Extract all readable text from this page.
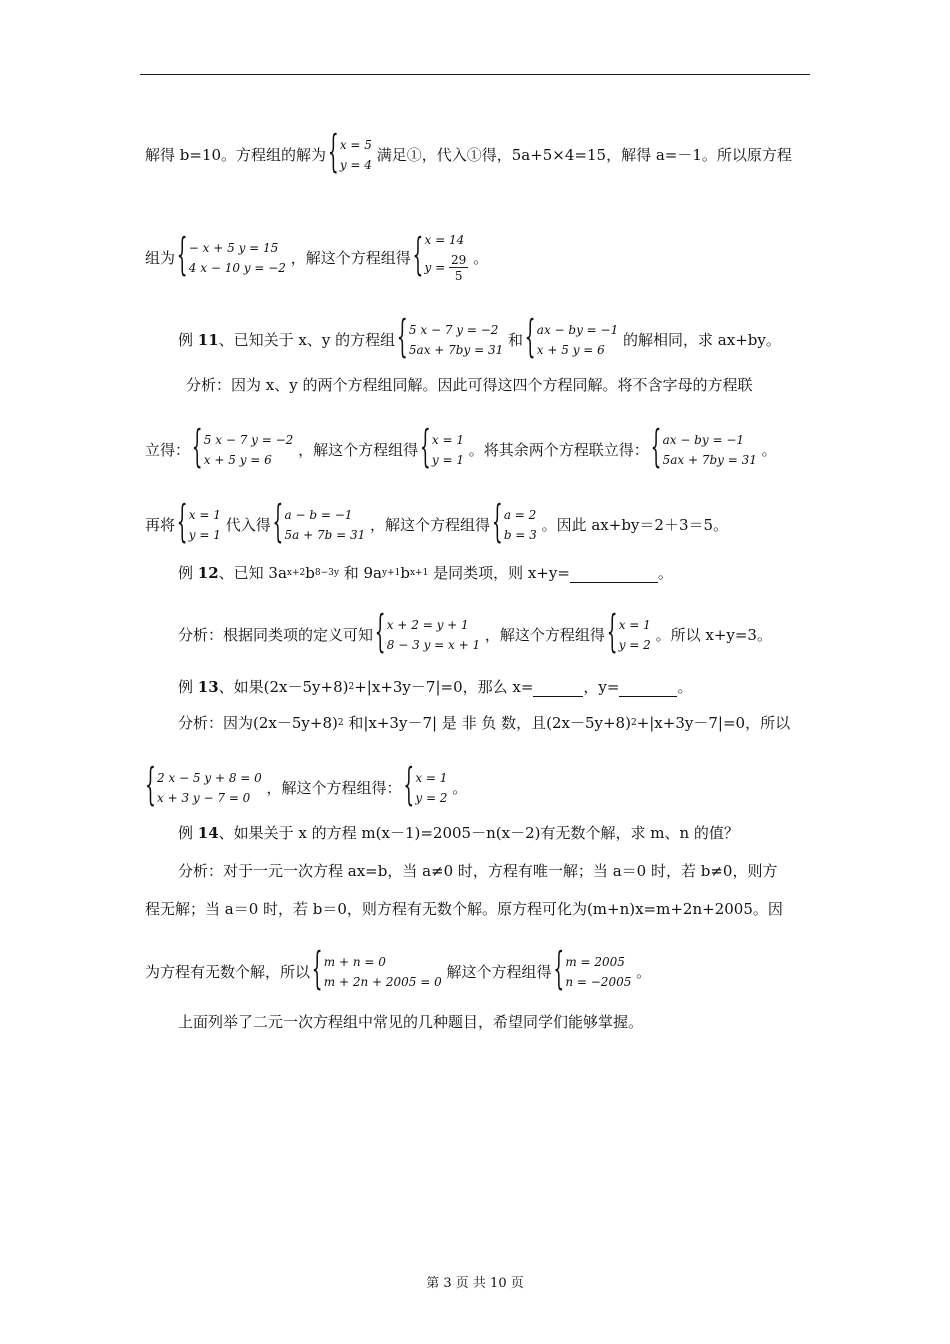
解得 b=10。方程组的解为
{ x = 5
y = 4
满足①，代入①得，5a+5×4=15，解得 a=－1。所以原方程
组为
{ − x + 5 y = 15
4 x − 10 y = −2
，解这个方程组得
{ x = 14
$y = \frac{29}{5}$ 。
例 11、已知关于 x、y 的方程组
{ 5 x − 7 y = −2
5ax + 7by = 31
和
{ ax − by = −1
x + 5 y = 6
的解相同，求 ax+by。
分析：因为 x、y 的两个方程组同解。因此可得这四个方程同解。将不含字母的方程联
立得：
{ 5 x − 7 y = −2
x + 5 y = 6
，解这个方程组得
{ x = 1
y = 1
。将其余两个方程联立得：
{ ax − by = −1
5ax + 7by = 31
。
再将
{ x = 1
y = 1
代入得
{ a − b = −1
5a + 7b = 31
，解这个方程组得
{ a = 2
b = 3
。因此 ax+by＝2＋3＝5。
例 12、已知 3ax+2b8−3y 和 9ay+1bx+1 是同类项，则 x+y=	。
分析：根据同类项的定义可知
{ x + 2 = y + 1
8 − 3 y = x + 1
，解这个方程组得
{ x = 1
y = 2
。所以 x+y=3。
例 13、如果(2x－5y+8)2+|x+3y－7|=0，那么 x=	，y=	。
分析：因为(2x－5y+8)2 和|x+3y－7| 是 非 负 数，且(2x－5y+8)2+|x+3y－7|=0，所以
{ 2 x − 5 y + 8 = 0
x + 3 y − 7 = 0
，解这个方程组得：
{ x = 1
y = 2
。
例 14、如果关于 x 的方程 m(x－1)=2005－n(x－2)有无数个解，求 m、n 的值？
分析：对于一元一次方程 ax=b，当 a≠0 时，方程有唯一解；当 a＝0 时，若 b≠0，则方
程无解；当 a＝0 时，若 b＝0，则方程有无数个解。原方程可化为(m+n)x=m+2n+2005。因
为方程有无数个解，所以
{ m + n = 0
m + 2n + 2005 = 0
解这个方程组得
{ m = 2005
n = −2005
。
上面列举了二元一次方程组中常见的几种题目，希望同学们能够掌握。
第 3 页 共 10 页
